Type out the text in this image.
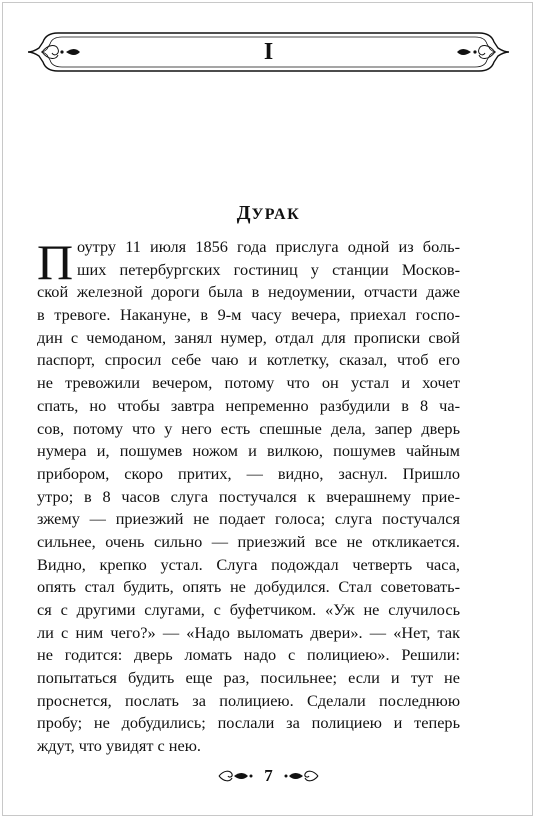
I
ДУРАК
П оутру 11 июля 1856 года прислуга одной из боль-
ших петербургских гостиниц у станции Москов-
ской железной дороги была в недоумении, отчасти даже
в тревоге. Накануне, в 9-м часу вечера, приехал госпо-
дин с чемоданом, занял нумер, отдал для прописки свой
паспорт, спросил себе чаю и котлетку, сказал, чтоб его
не тревожили вечером, потому что он устал и хочет
спать, но чтобы завтра непременно разбудили в 8 ча-
сов, потому что у него есть спешные дела, запер дверь
нумера и, пошумев ножом и вилкою, пошумев чайным
прибором, скоро притих, — видно, заснул. Пришло
утро; в 8 часов слуга постучался к вчерашнему прие-
зжему — приезжий не подает голоса; слуга постучался
сильнее, очень сильно — приезжий все не откликается.
Видно, крепко устал. Слуга подождал четверть часа,
опять стал будить, опять не добудился. Стал советовать-
ся с другими слугами, с буфетчиком. «Уж не случилось
ли с ним чего?» — «Надо выломать двери». — «Нет, так
не годится: дверь ломать надо с полициею». Решили:
попытаться будить еще раз, посильнее; если и тут не
проснется, послать за полициею. Сделали последнюю
пробу; не добудились; послали за полициею и теперь
ждут, что увидят с нею.
7
